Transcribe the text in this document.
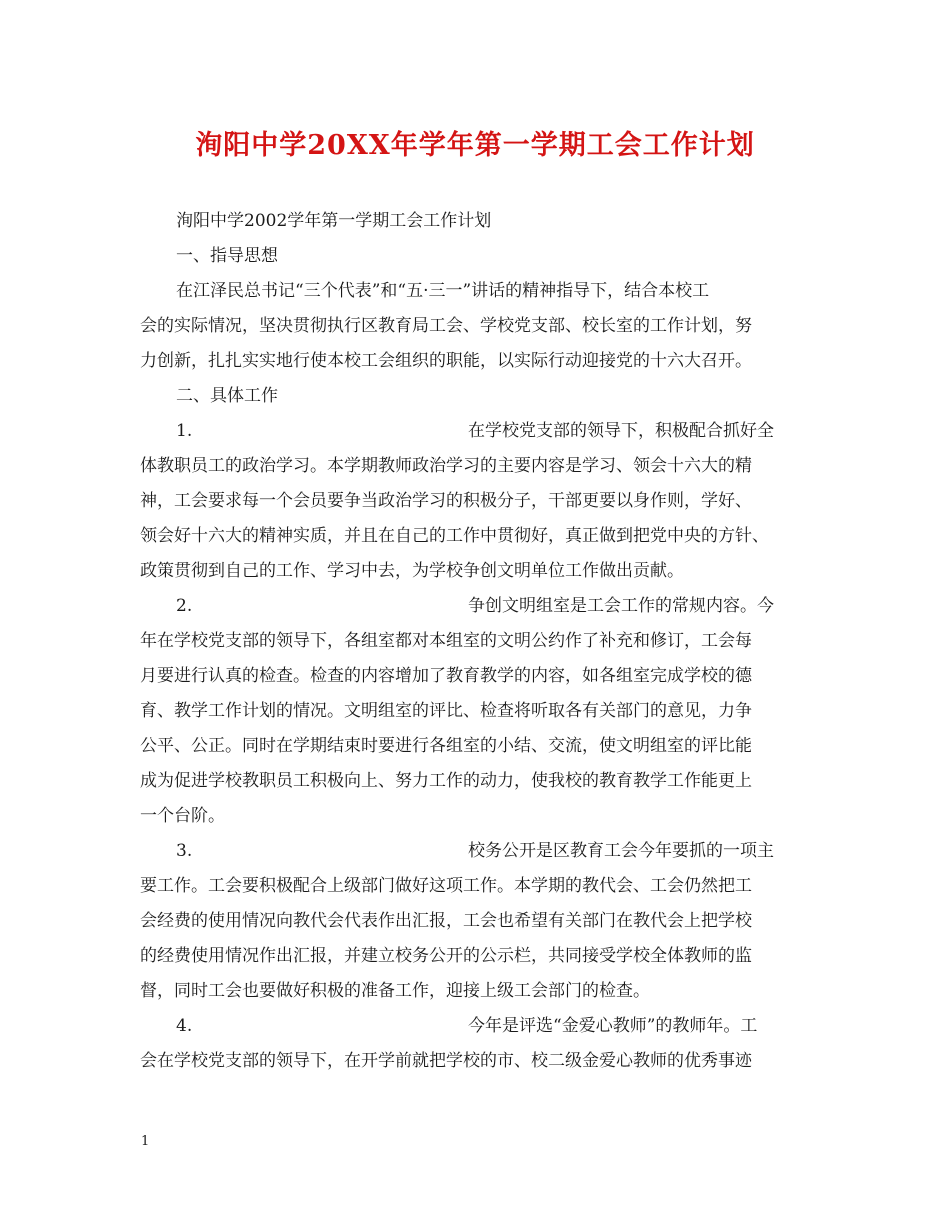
洵阳中学20XX年学年第一学期工会工作计划
洵阳中学2002学年第一学期工会工作计划
一、指导思想
在江泽民总书记“三个代表”和“五·三一”讲话的精神指导下，结合本校工
会的实际情况，坚决贯彻执行区教育局工会、学校党支部、校长室的工作计划，努
力创新，扎扎实实地行使本校工会组织的职能，以实际行动迎接党的十六大召开。
二、具体工作
1.	在学校党支部的领导下，积极配合抓好全
体教职员工的政治学习。本学期教师政治学习的主要内容是学习、领会十六大的精
神，工会要求每一个会员要争当政治学习的积极分子，干部更要以身作则，学好、
领会好十六大的精神实质，并且在自己的工作中贯彻好，真正做到把党中央的方针、
政策贯彻到自己的工作、学习中去，为学校争创文明单位工作做出贡献。
2.	争创文明组室是工会工作的常规内容。今
年在学校党支部的领导下，各组室都对本组室的文明公约作了补充和修订，工会每
月要进行认真的检查。检查的内容增加了教育教学的内容，如各组室完成学校的德
育、教学工作计划的情况。文明组室的评比、检查将听取各有关部门的意见，力争
公平、公正。同时在学期结束时要进行各组室的小结、交流，使文明组室的评比能
成为促进学校教职员工积极向上、努力工作的动力，使我校的教育教学工作能更上
一个台阶。
3.	校务公开是区教育工会今年要抓的一项主
要工作。工会要积极配合上级部门做好这项工作。本学期的教代会、工会仍然把工
会经费的使用情况向教代会代表作出汇报，工会也希望有关部门在教代会上把学校
的经费使用情况作出汇报，并建立校务公开的公示栏，共同接受学校全体教师的监
督，同时工会也要做好积极的准备工作，迎接上级工会部门的检查。
4.	今年是评选“金爱心教师”的教师年。工
会在学校党支部的领导下，在开学前就把学校的市、校二级金爱心教师的优秀事迹
1
